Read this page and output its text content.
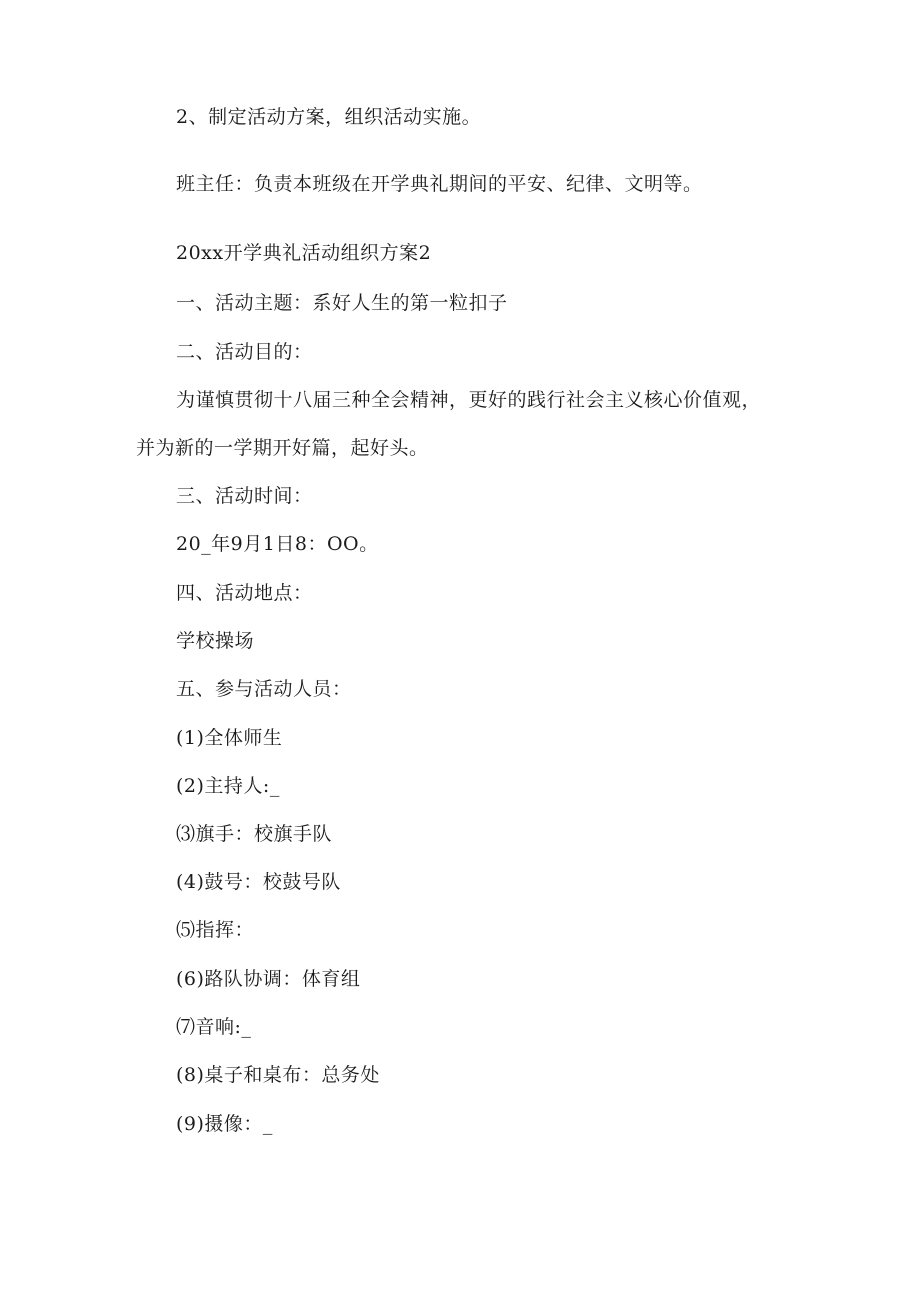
2、制定活动方案，组织活动实施。
班主任：负责本班级在开学典礼期间的平安、纪律、文明等。
20xx开学典礼活动组织方案2
一、活动主题：系好人生的第一粒扣子
二、活动目的：
为谨慎贯彻十八届三种全会精神，更好的践行社会主义核心价值观，
并为新的一学期开好篇，起好头。
三、活动时间：
20_年9月1日8：OO。
四、活动地点：
学校操场
五、参与活动人员：
(1)全体师生
(2)主持人:_
⑶旗手：校旗手队
(4)鼓号：校鼓号队
⑸指挥：
(6)路队协调：体育组
⑺音响:_
(8)桌子和桌布：总务处
(9)摄像：_
